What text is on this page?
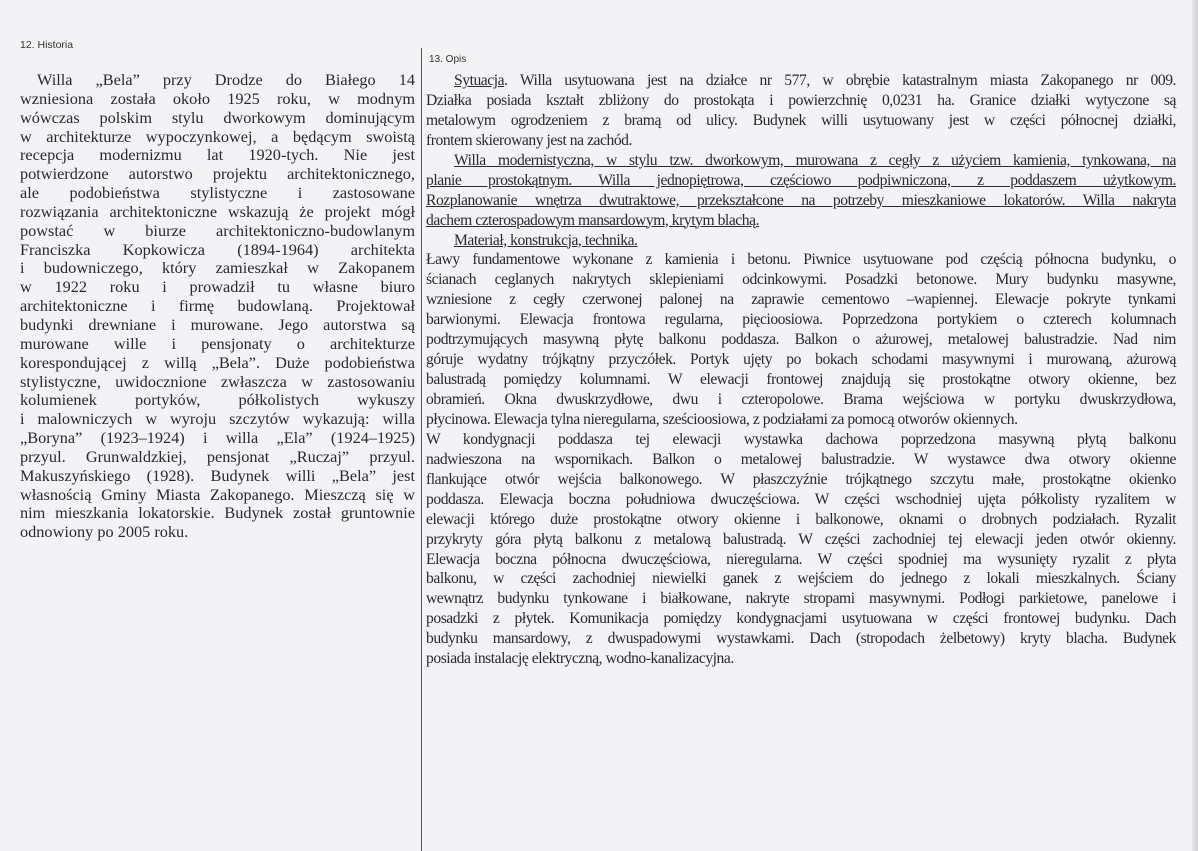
12. Historia
13. Opis
Willa „Bela” przy Drodze do Białego 14
wzniesiona została około 1925 roku, w modnym
wówczas polskim stylu dworkowym dominującym
w architekturze wypoczynkowej, a będącym swoistą
recepcja modernizmu lat 1920-tych. Nie jest
potwierdzone autorstwo projektu architektonicznego,
ale podobieństwa stylistyczne i zastosowane
rozwiązania architektoniczne wskazują że projekt mógł
powstać w biurze architektoniczno-budowlanym
Franciszka Kopkowicza (1894-1964) architekta
i budowniczego, który zamieszkał w Zakopanem
w 1922 roku i prowadził tu własne biuro
architektoniczne i firmę budowlaną. Projektował
budynki drewniane i murowane. Jego autorstwa są
murowane wille i pensjonaty o architekturze
korespondującej z willą „Bela”. Duże podobieństwa
stylistyczne, uwidocznione zwłaszcza w zastosowaniu
kolumienek portyków, półkolistych wykuszy
i malowniczych w wyroju szczytów wykazują: willa
„Boryna” (1923–1924) i willa „Ela” (1924–1925)
przyul. Grunwaldzkiej, pensjonat „Ruczaj” przyul.
Makuszyńskiego (1928). Budynek willi „Bela” jest
własnością Gminy Miasta Zakopanego. Mieszczą się w
nim mieszkania lokatorskie. Budynek został gruntownie
odnowiony po 2005 roku.
Sytuacja. Willa usytuowana jest na działce nr 577, w obrębie katastralnym miasta Zakopanego nr 009.
Działka posiada kształt zbliżony do prostokąta i powierzchnię 0,0231 ha. Granice działki wytyczone są
metalowym ogrodzeniem z bramą od ulicy. Budynek willi usytuowany jest w części północnej działki,
frontem skierowany jest na zachód.
Willa modernistyczna, w stylu tzw. dworkowym, murowana z cegły z użyciem kamienia, tynkowana, na
planie prostokątnym. Willa jednopiętrowa, częściowo podpiwniczona, z poddaszem użytkowym.
Rozplanowanie wnętrza dwutraktowe, przekształcone na potrzeby mieszkaniowe lokatorów. Willa nakryta
dachem czterospadowym mansardowym, krytym blachą.
Materiał, konstrukcja, technika.
Ławy fundamentowe wykonane z kamienia i betonu. Piwnice usytuowane pod częścią północna budynku, o
ścianach ceglanych nakrytych sklepieniami odcinkowymi. Posadzki betonowe. Mury budynku masywne,
wzniesione z cegły czerwonej palonej na zaprawie cementowo –wapiennej. Elewacje pokryte tynkami
barwionymi. Elewacja frontowa regularna, pięcioosiowa. Poprzedzona portykiem o czterech kolumnach
podtrzymujących masywną płytę balkonu poddasza. Balkon o ażurowej, metalowej balustradzie. Nad nim
góruje wydatny trójkątny przyczółek. Portyk ujęty po bokach schodami masywnymi i murowaną, ażurową
balustradą pomiędzy kolumnami. W elewacji frontowej znajdują się prostokątne otwory okienne, bez
obramień. Okna dwuskrzydłowe, dwu i czteropolowe. Brama wejściowa w portyku dwuskrzydłowa,
płycinowa. Elewacja tylna nieregularna, sześcioosiowa, z podziałami za pomocą otworów okiennych.
W kondygnacji poddasza tej elewacji wystawka dachowa poprzedzona masywną płytą balkonu
nadwieszona na wspornikach. Balkon o metalowej balustradzie. W wystawce dwa otwory okienne
flankujące otwór wejścia balkonowego. W płaszczyźnie trójkątnego szczytu małe, prostokątne okienko
poddasza. Elewacja boczna południowa dwuczęściowa. W części wschodniej ujęta półkolisty ryzalitem w
elewacji którego duże prostokątne otwory okienne i balkonowe, oknami o drobnych podziałach. Ryzalit
przykryty góra płytą balkonu z metalową balustradą. W części zachodniej tej elewacji jeden otwór okienny.
Elewacja boczna północna dwuczęściowa, nieregularna. W części spodniej ma wysunięty ryzalit z płyta
balkonu, w części zachodniej niewielki ganek z wejściem do jednego z lokali mieszkalnych. Ściany
wewnątrz budynku tynkowane i białkowane, nakryte stropami masywnymi. Podłogi parkietowe, panelowe i
posadzki z płytek. Komunikacja pomiędzy kondygnacjami usytuowana w części frontowej budynku. Dach
budynku mansardowy, z dwuspadowymi wystawkami. Dach (stropodach żelbetowy) kryty blacha. Budynek
posiada instalację elektryczną, wodno-kanalizacyjna.
